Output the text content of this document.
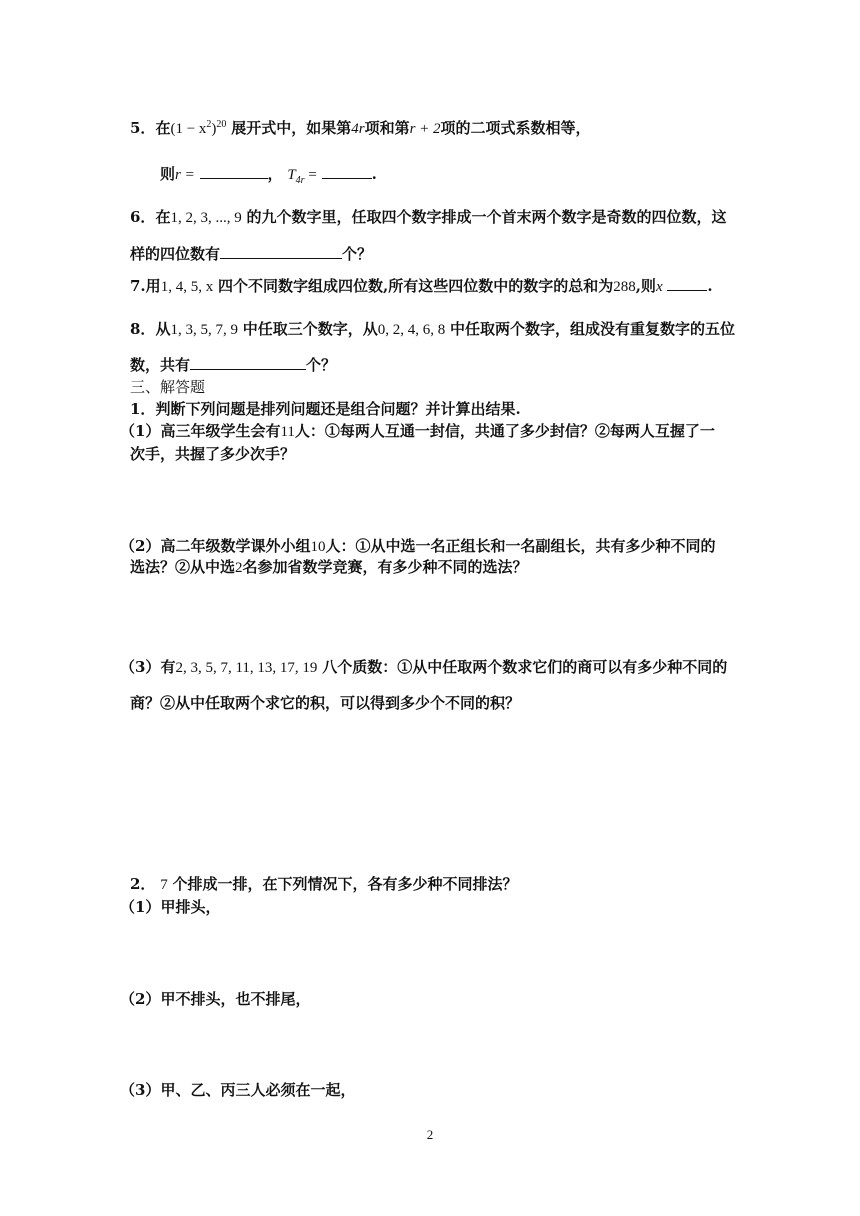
5．在$(1 - x^2)^{20}$ 展开式中，如果第4r项和第r + 2项的二项式系数相等，
则r =	， $T_{4r}$ =	.
6．在1, 2, 3, ..., 9 的九个数字里，任取四个数字排成一个首末两个数字是奇数的四位数，这
样的四位数有	个？
7.用1, 4, 5, x 四个不同数字组成四位数,所有这些四位数中的数字的总和为288,则x	.
8．从1, 3, 5, 7, 9 中任取三个数字，从0, 2, 4, 6, 8 中任取两个数字，组成没有重复数字的五位
数，共有	个？
三、解答题
1．判断下列问题是排列问题还是组合问题？并计算出结果.
（1）高三年级学生会有11人：①每两人互通一封信，共通了多少封信？②每两人互握了一
次手，共握了多少次手？
（2）高二年级数学课外小组10人：①从中选一名正组长和一名副组长，共有多少种不同的
选法？②从中选2名参加省数学竞赛，有多少种不同的选法？
（3）有2, 3, 5, 7, 11, 13, 17, 19 八个质数：①从中任取两个数求它们的商可以有多少种不同的
商？②从中任取两个求它的积，可以得到多少个不同的积？
2． 7 个排成一排，在下列情况下，各有多少种不同排法？
（1）甲排头，
（2）甲不排头，也不排尾，
（3）甲、乙、丙三人必须在一起，
2
